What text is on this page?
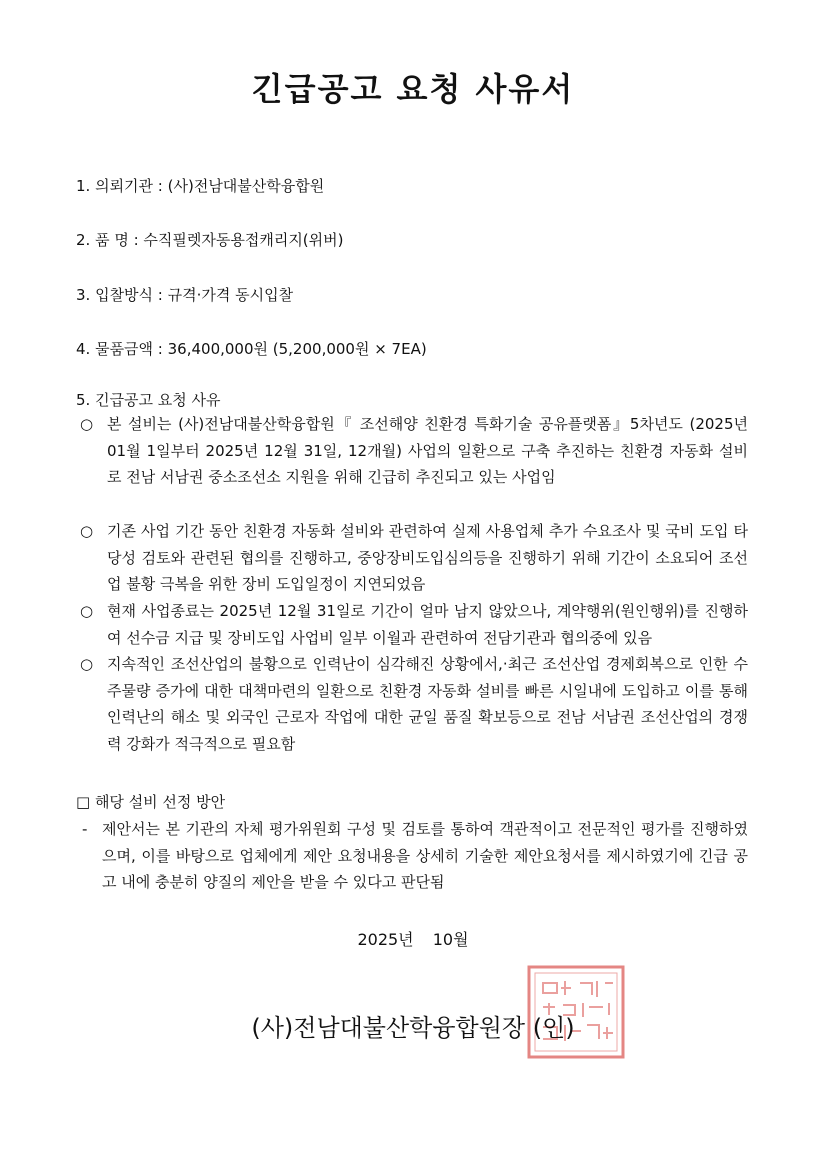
긴급공고 요청 사유서
1. 의뢰기관 : (사)전남대불산학융합원
2. 품 명 : 수직필렛자동용접캐리지(위버)
3. 입찰방식 : 규격·가격 동시입찰
4. 물품금액 : 36,400,000원 (5,200,000원 × 7EA)
5. 긴급공고 요청 사유
○ 본 설비는 (사)전남대불산학융합원『 조선해양 친환경 특화기술 공유플랫폼』5차년도 (2025년 01월 1일부터 2025년 12월 31일, 12개월) 사업의 일환으로 구축 추진하는 친환경 자동화 설비로 전남 서남권 중소조선소 지원을 위해 긴급히 추진되고 있는 사업임
○ 기존 사업 기간 동안 친환경 자동화 설비와 관련하여 실제 사용업체 추가 수요조사 및 국비 도입 타당성 검토와 관련된 협의를 진행하고, 중앙장비도입심의등을 진행하기 위해 기간이 소요되어 조선업 불황 극복을 위한 장비 도입일정이 지연되었음
○ 현재 사업종료는 2025년 12월 31일로 기간이 얼마 남지 않았으나, 계약행위(원인행위)를 진행하여 선수금 지급 및 장비도입 사업비 일부 이월과 관련하여 전담기관과 협의중에 있음
○ 지속적인 조선산업의 불황으로 인력난이 심각해진 상황에서,·최근 조선산업 경제회복으로 인한 수주물량 증가에 대한 대책마련의 일환으로 친환경 자동화 설비를 빠른 시일내에 도입하고 이를 통해 인력난의 해소 및 외국인 근로자 작업에 대한 균일 품질 확보등으로 전남 서남권 조선산업의 경쟁력 강화가 적극적으로 필요함
□ 해당 설비 선정 방안
- 제안서는 본 기관의 자체 평가위원회 구성 및 검토를 통하여 객관적이고 전문적인 평가를 진행하였으며, 이를 바탕으로 업체에게 제안 요청내용을 상세히 기술한 제안요청서를 제시하였기에 긴급 공고 내에 충분히 양질의 제안을 받을 수 있다고 판단됨
2025년 10월
(사)전남대불산학융합원장 (인)
